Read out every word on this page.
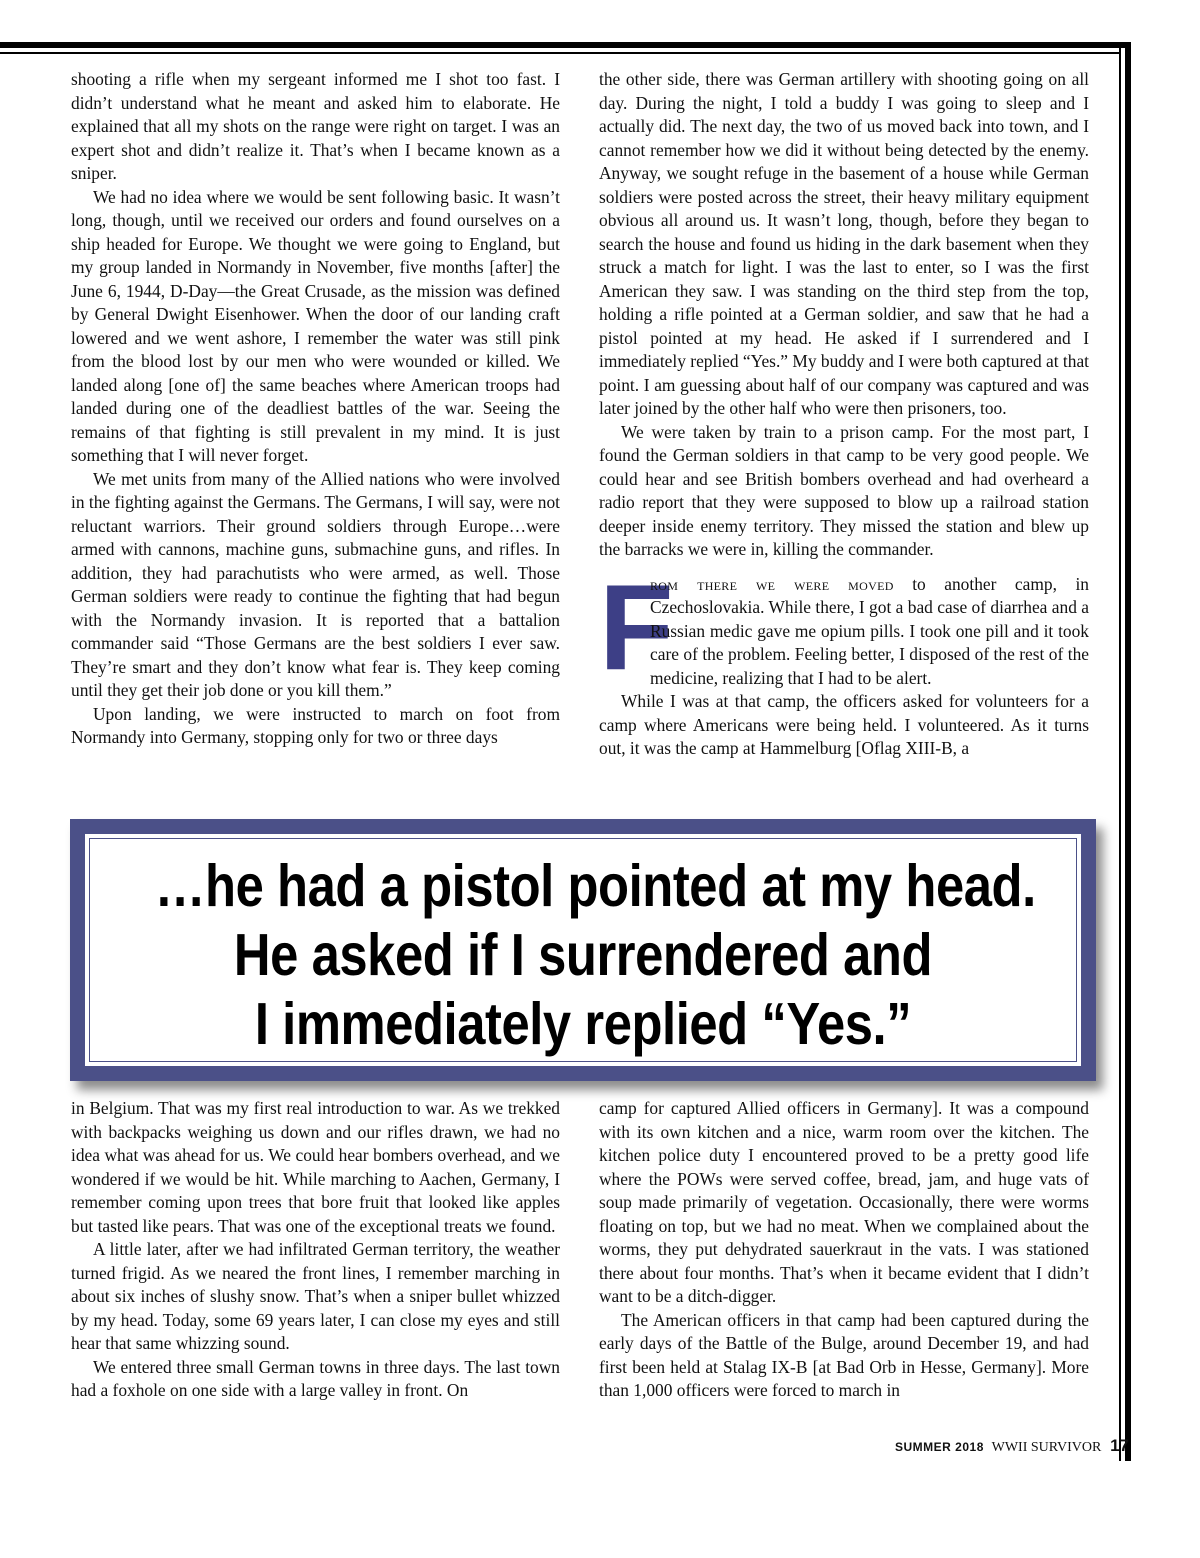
shooting a rifle when my sergeant informed me I shot too fast. I didn’t understand what he meant and asked him to elaborate. He explained that all my shots on the range were right on target. I was an expert shot and didn’t realize it. That’s when I became known as a sniper.

We had no idea where we would be sent following basic. It wasn’t long, though, until we received our orders and found ourselves on a ship headed for Europe. We thought we were going to England, but my group landed in Normandy in November, five months [after] the June 6, 1944, D-Day—the Great Crusade, as the mission was defined by General Dwight Eisenhower. When the door of our landing craft lowered and we went ashore, I remember the water was still pink from the blood lost by our men who were wounded or killed. We landed along [one of] the same beaches where American troops had landed during one of the deadliest battles of the war. Seeing the remains of that fighting is still prevalent in my mind. It is just something that I will never forget.

We met units from many of the Allied nations who were involved in the fighting against the Germans. The Germans, I will say, were not reluctant warriors. Their ground soldiers through Europe…were armed with cannons, machine guns, submachine guns, and rifles. In addition, they had parachutists who were armed, as well. Those German soldiers were ready to continue the fighting that had begun with the Normandy invasion. It is reported that a battalion commander said “Those Germans are the best soldiers I ever saw. They’re smart and they don’t know what fear is. They keep coming until they get their job done or you kill them.”

Upon landing, we were instructed to march on foot from Normandy into Germany, stopping only for two or three days

the other side, there was German artillery with shooting going on all day. During the night, I told a buddy I was going to sleep and I actually did. The next day, the two of us moved back into town, and I cannot remember how we did it without being detected by the enemy. Anyway, we sought refuge in the basement of a house while German soldiers were posted across the street, their heavy military equipment obvious all around us. It wasn’t long, though, before they began to search the house and found us hiding in the dark basement when they struck a match for light. I was the last to enter, so I was the first American they saw. I was standing on the third step from the top, holding a rifle pointed at a German soldier, and saw that he had a pistol pointed at my head. He asked if I surrendered and I immediately replied “Yes.” My buddy and I were both captured at that point. I am guessing about half of our company was captured and was later joined by the other half who were then prisoners, too.

We were taken by train to a prison camp. For the most part, I found the German soldiers in that camp to be very good people. We could hear and see British bombers overhead and had overheard a radio report that they were supposed to blow up a railroad station deeper inside enemy territory. They missed the station and blew up the barracks we were in, killing the commander.

F
rom there we were moved to another camp, in Czechoslovakia. While there, I got a bad case of diarrhea and a Russian medic gave me opium pills. I took one pill and it took care of the problem. Feeling better, I disposed of the rest of the medicine, realizing that I had to be alert.

While I was at that camp, the officers asked for volunteers for a camp where Americans were being held. I volunteered. As it turns out, it was the camp at Hammelburg [Oflag XIII-B, a

…he had a pistol pointed at my head.
He asked if I surrendered and
I immediately replied “Yes.”

in Belgium. That was my first real introduction to war. As we trekked with backpacks weighing us down and our rifles drawn, we had no idea what was ahead for us. We could hear bombers overhead, and we wondered if we would be hit. While marching to Aachen, Germany, I remember coming upon trees that bore fruit that looked like apples but tasted like pears. That was one of the exceptional treats we found.

A little later, after we had infiltrated German territory, the weather turned frigid. As we neared the front lines, I remember marching in about six inches of slushy snow. That’s when a sniper bullet whizzed by my head. Today, some 69 years later, I can close my eyes and still hear that same whizzing sound.

We entered three small German towns in three days. The last town had a foxhole on one side with a large valley in front. On

camp for captured Allied officers in Germany]. It was a compound with its own kitchen and a nice, warm room over the kitchen. The kitchen police duty I encountered proved to be a pretty good life where the POWs were served coffee, bread, jam, and huge vats of soup made primarily of vegetation. Occasionally, there were worms floating on top, but we had no meat. When we complained about the worms, they put dehydrated sauerkraut in the vats. I was stationed there about four months. That’s when it became evident that I didn’t want to be a ditch-digger.

The American officers in that camp had been captured during the early days of the Battle of the Bulge, around December 19, and had first been held at Stalag IX-B [at Bad Orb in Hesse, Germany]. More than 1,000 officers were forced to march in

SUMMER 2018 WWII SURVIVOR 17
